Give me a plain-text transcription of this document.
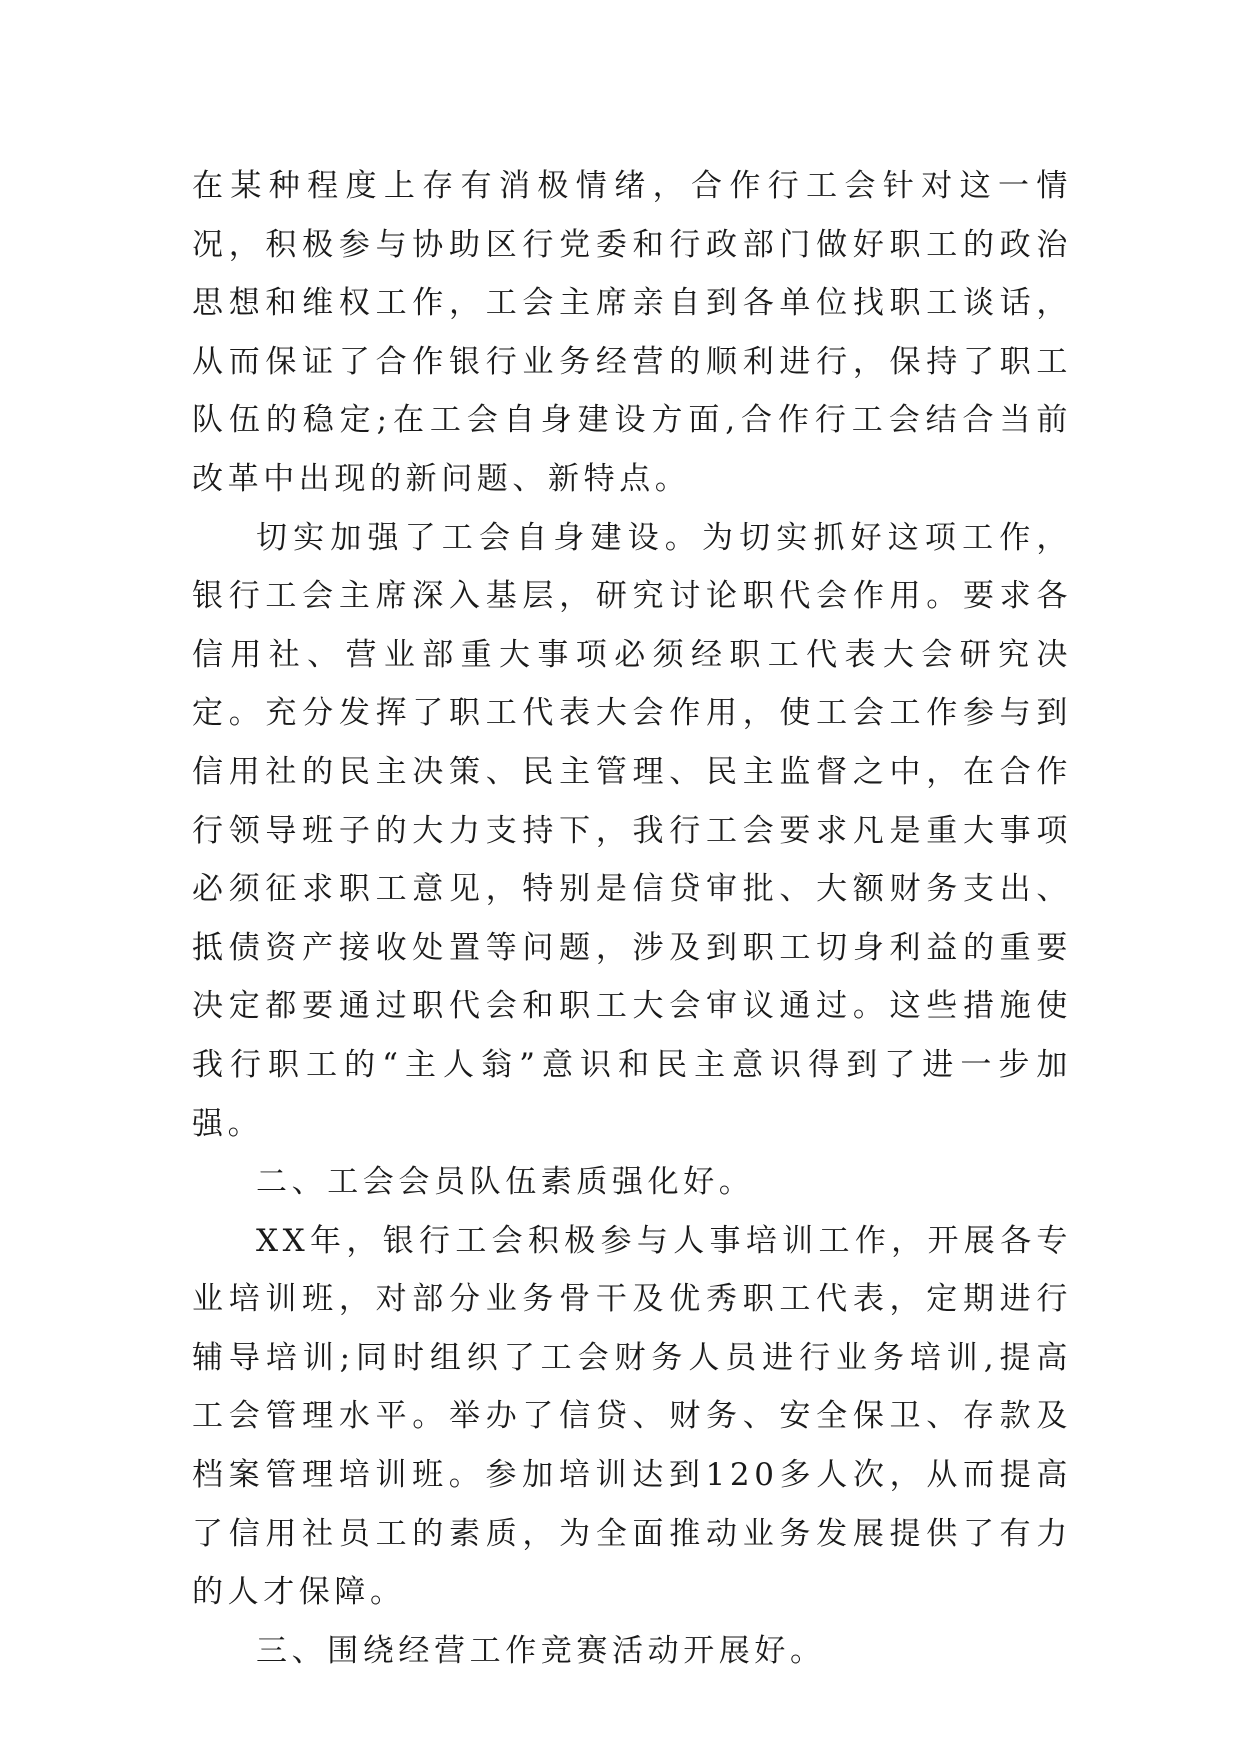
在某种程度上存有消极情绪，合作行工会针对这一情况，积极参与协助区行党委和行政部门做好职工的政治思想和维权工作，工会主席亲自到各单位找职工谈话，从而保证了合作银行业务经营的顺利进行，保持了职工队伍的稳定;在工会自身建设方面,合作行工会结合当前改革中出现的新问题、新特点。

切实加强了工会自身建设。为切实抓好这项工作，银行工会主席深入基层，研究讨论职代会作用。要求各信用社、营业部重大事项必须经职工代表大会研究决定。充分发挥了职工代表大会作用，使工会工作参与到信用社的民主决策、民主管理、民主监督之中，在合作行领导班子的大力支持下，我行工会要求凡是重大事项必须征求职工意见，特别是信贷审批、大额财务支出、抵债资产接收处置等问题，涉及到职工切身利益的重要决定都要通过职代会和职工大会审议通过。这些措施使我行职工的“主人翁”意识和民主意识得到了进一步加强。

二、工会会员队伍素质强化好。

XX年，银行工会积极参与人事培训工作，开展各专业培训班，对部分业务骨干及优秀职工代表，定期进行辅导培训;同时组织了工会财务人员进行业务培训,提高工会管理水平。举办了信贷、财务、安全保卫、存款及档案管理培训班。参加培训达到120多人次，从而提高了信用社员工的素质，为全面推动业务发展提供了有力的人才保障。

三、围绕经营工作竞赛活动开展好。
